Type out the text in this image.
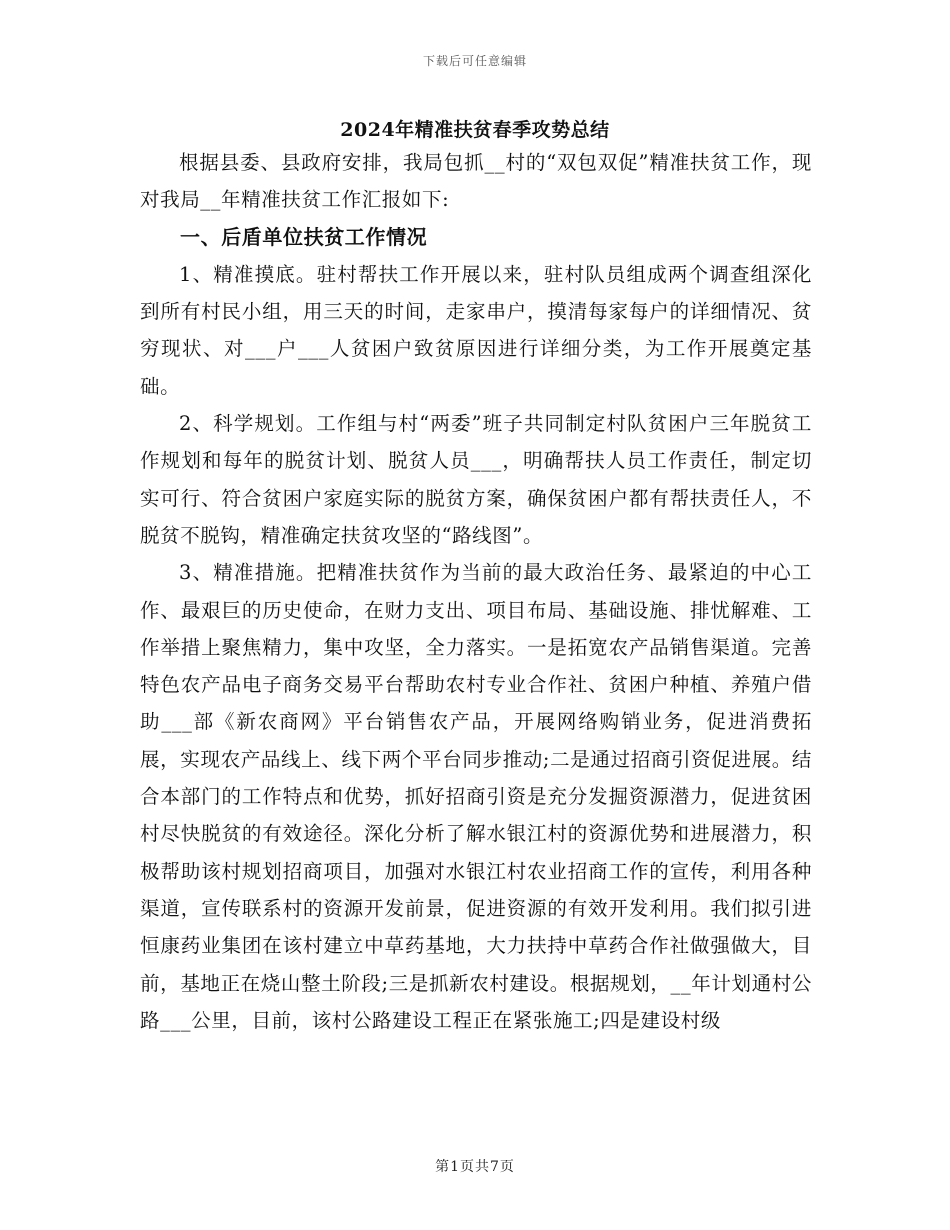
下载后可任意编辑
2024年精准扶贫春季攻势总结

根据县委、县政府安排，我局包抓__村的“双包双促”精准扶贫工作，现对我局__年精准扶贫工作汇报如下:

一、后盾单位扶贫工作情况

1、精准摸底。驻村帮扶工作开展以来，驻村队员组成两个调查组深化到所有村民小组，用三天的时间，走家串户，摸清每家每户的详细情况、贫穷现状、对___户___人贫困户致贫原因进行详细分类，为工作开展奠定基础。

2、科学规划。工作组与村“两委”班子共同制定村队贫困户三年脱贫工作规划和每年的脱贫计划、脱贫人员___，明确帮扶人员工作责任，制定切实可行、符合贫困户家庭实际的脱贫方案，确保贫困户都有帮扶责任人，不脱贫不脱钩，精准确定扶贫攻坚的“路线图”。

3、精准措施。把精准扶贫作为当前的最大政治任务、最紧迫的中心工作、最艰巨的历史使命，在财力支出、项目布局、基础设施、排忧解难、工作举措上聚焦精力，集中攻坚，全力落实。一是拓宽农产品销售渠道。完善特色农产品电子商务交易平台帮助农村专业合作社、贫困户种植、养殖户借助___部《新农商网》平台销售农产品，开展网络购销业务，促进消费拓展，实现农产品线上、线下两个平台同步推动;二是通过招商引资促进展。结合本部门的工作特点和优势，抓好招商引资是充分发掘资源潜力，促进贫困村尽快脱贫的有效途径。深化分析了解水银江村的资源优势和进展潜力，积极帮助该村规划招商项目，加强对水银江村农业招商工作的宣传，利用各种渠道，宣传联系村的资源开发前景，促进资源的有效开发利用。我们拟引进恒康药业集团在该村建立中草药基地，大力扶持中草药合作社做强做大，目前，基地正在烧山整土阶段;三是抓新农村建设。根据规划，__年计划通村公路___公里，目前，该村公路建设工程正在紧张施工;四是建设村级

第1页共7页
